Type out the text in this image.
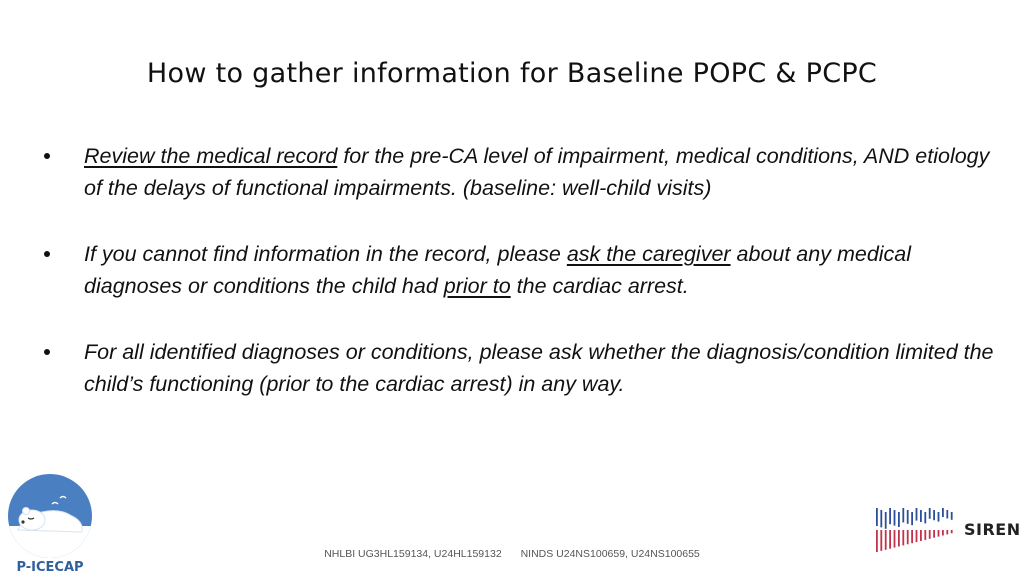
How to gather information for Baseline POPC & PCPC
Review the medical record for the pre-CA level of impairment, medical conditions, AND etiology of the delays of functional impairments. (baseline: well-child visits)
If you cannot find information in the record, please ask the caregiver about any medical diagnoses or conditions the child had prior to the cardiac arrest.
For all identified diagnoses or conditions, please ask whether the diagnosis/condition limited the child’s functioning (prior to the cardiac arrest) in any way.
P-ICECAP
SIREN
NHLBI UG3HL159134, U24HL159132 NINDS U24NS100659, U24NS100655
